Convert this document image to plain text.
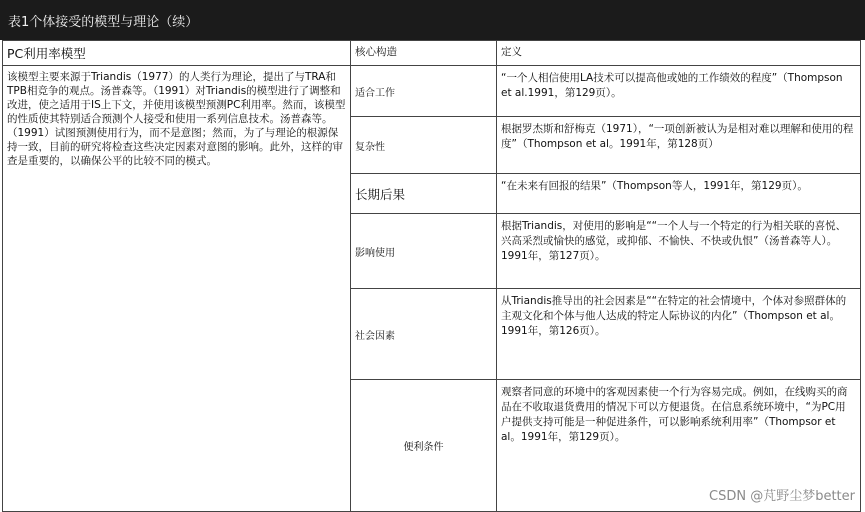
表1个体接受的模型与理论（续）
PC利用率模型	核心构造	定义
该模型主要来源于Triandis（1977）的人类行为理论，提出了与TRA和TPB相竞争的观点。汤普森等。（1991）对Triandis的模型进行了调整和改进，使之适用于IS上下文，并使用该模型预测PC利用率。然而，该模型的性质使其特别适合预测个人接受和使用一系列信息技术。汤普森等。（1991）试图预测使用行为，而不是意图；然而，为了与理论的根源保持一致，目前的研究将检查这些决定因素对意图的影响。此外，这样的审查是重要的，以确保公平的比较不同的模式。	适合工作	“一个人相信使用LA技术可以提高他或她的工作绩效的程度”（Thompson et al.1991，第129页）。
	复杂性	根据罗杰斯和舒梅克（1971），“一项创新被认为是相对难以理解和使用的程度”（Thompson et al。1991年，第128页）
	长期后果	“在未来有回报的结果”（Thompson等人，1991年，第129页）。
	影响使用	根据Triandis，对使用的影响是““一个人与一个特定的行为相关联的喜悦、兴高采烈或愉快的感觉，或抑郁、不愉快、不快或仇恨”（汤普森等人）。1991年，第127页）。
	社会因素	从Triandis推导出的社会因素是““在特定的社会情境中，个体对参照群体的主观文化和个体与他人达成的特定人际协议的内化”（Thompson et al。1991年，第126页）。
	便利条件	观察者同意的环境中的客观因素使一个行为容易完成。例如，在线购买的商品在不收取退货费用的情况下可以方便退货。在信息系统环境中，“为PC用户提供支持可能是一种促进条件，可以影响系统利用率”（Thompsor et al。1991年，第129页）。
CSDN @芃野尘梦better
